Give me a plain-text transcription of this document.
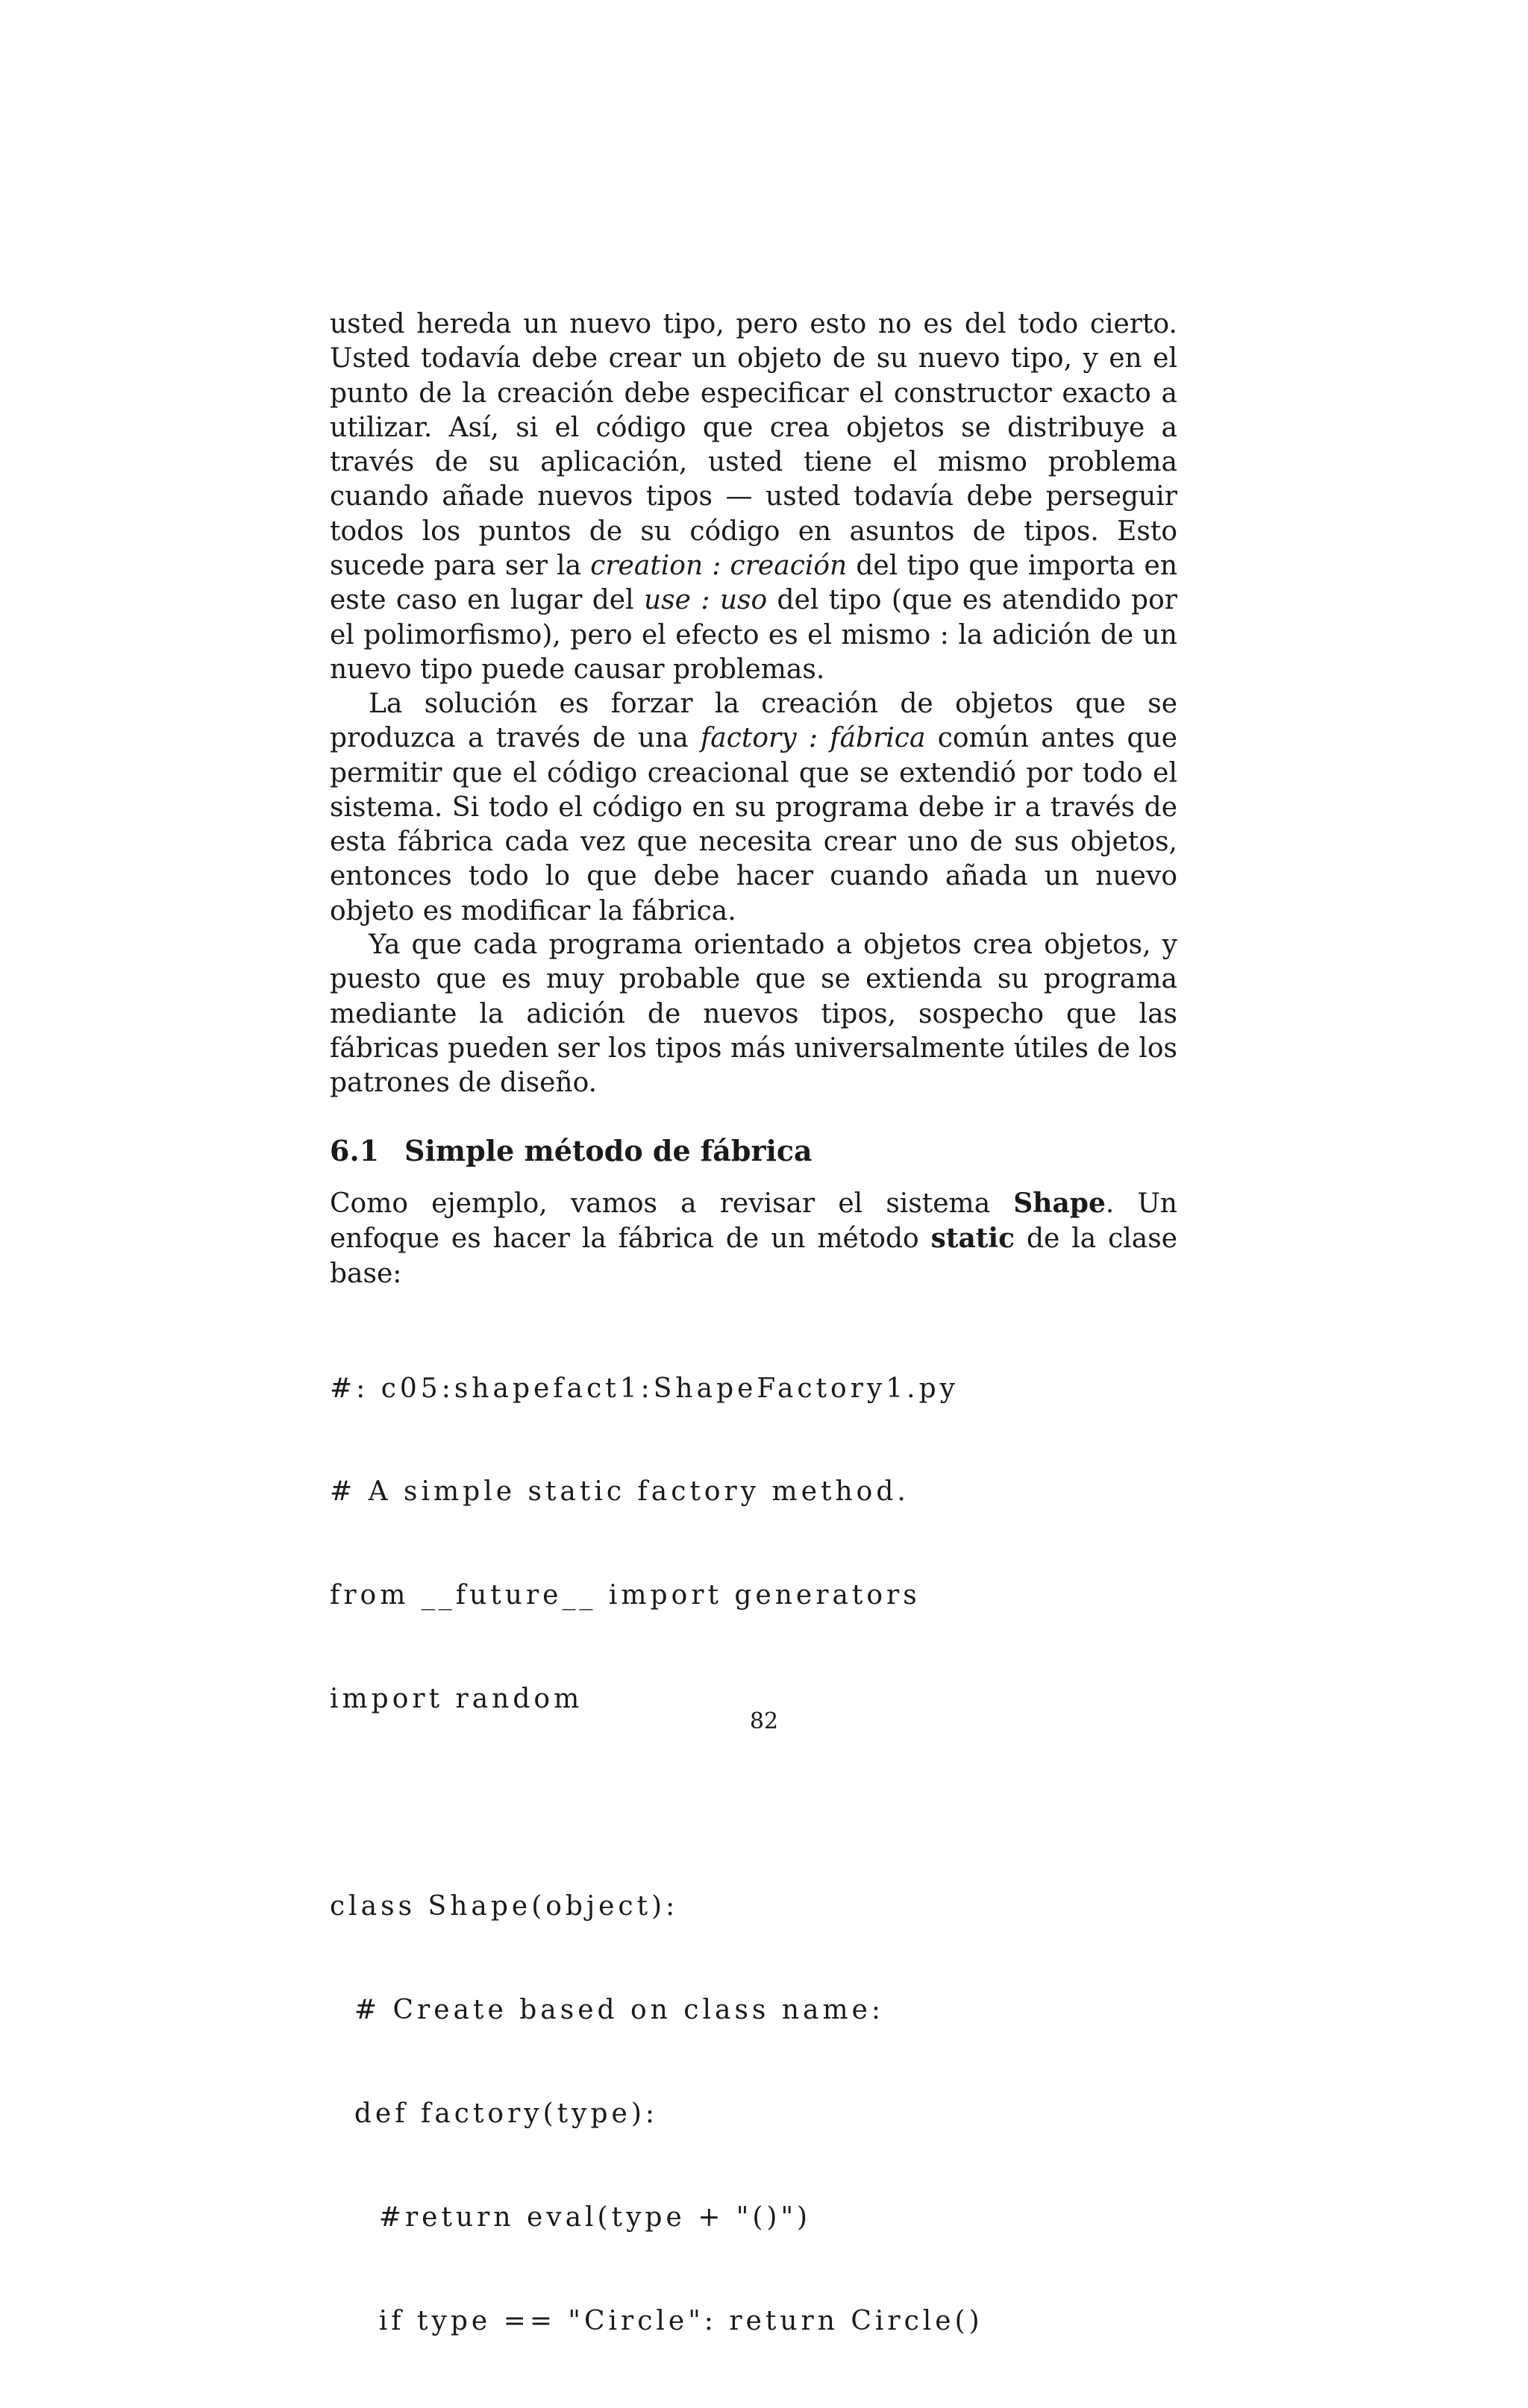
usted hereda un nuevo tipo, pero esto no es del todo cierto. Usted todavía debe crear un objeto de su nuevo tipo, y en el punto de la creación debe especificar el constructor exacto a utilizar. Así, si el código que crea objetos se distribuye a través de su aplicación, usted tiene el mismo problema cuando añade nuevos tipos — usted todavía debe perseguir todos los puntos de su código en asuntos de tipos. Esto sucede para ser la creation : creación del tipo que importa en este caso en lugar del use : uso del tipo (que es atendido por el polimorfismo), pero el efecto es el mismo : la adición de un nuevo tipo puede causar problemas.

La solución es forzar la creación de objetos que se produzca a través de una factory : fábrica común antes que permitir que el código creacional que se extendió por todo el sistema. Si todo el código en su programa debe ir a través de esta fábrica cada vez que necesita crear uno de sus objetos, entonces todo lo que debe hacer cuando añada un nuevo objeto es modificar la fábrica.

Ya que cada programa orientado a objetos crea objetos, y puesto que es muy probable que se extienda su programa mediante la adición de nuevos tipos, sospecho que las fábricas pueden ser los tipos más universalmente útiles de los patrones de diseño.

6.1 Simple método de fábrica

Como ejemplo, vamos a revisar el sistema Shape. Un enfoque es hacer la fábrica de un método static de la clase base:

#: c05:shapefact1:ShapeFactory1.py

# A simple static factory method.

from __future__ import generators

import random

class Shape(object):

# Create based on class name:

def factory(type):

#return eval(type + "()")

if type == "Circle": return Circle()

82
